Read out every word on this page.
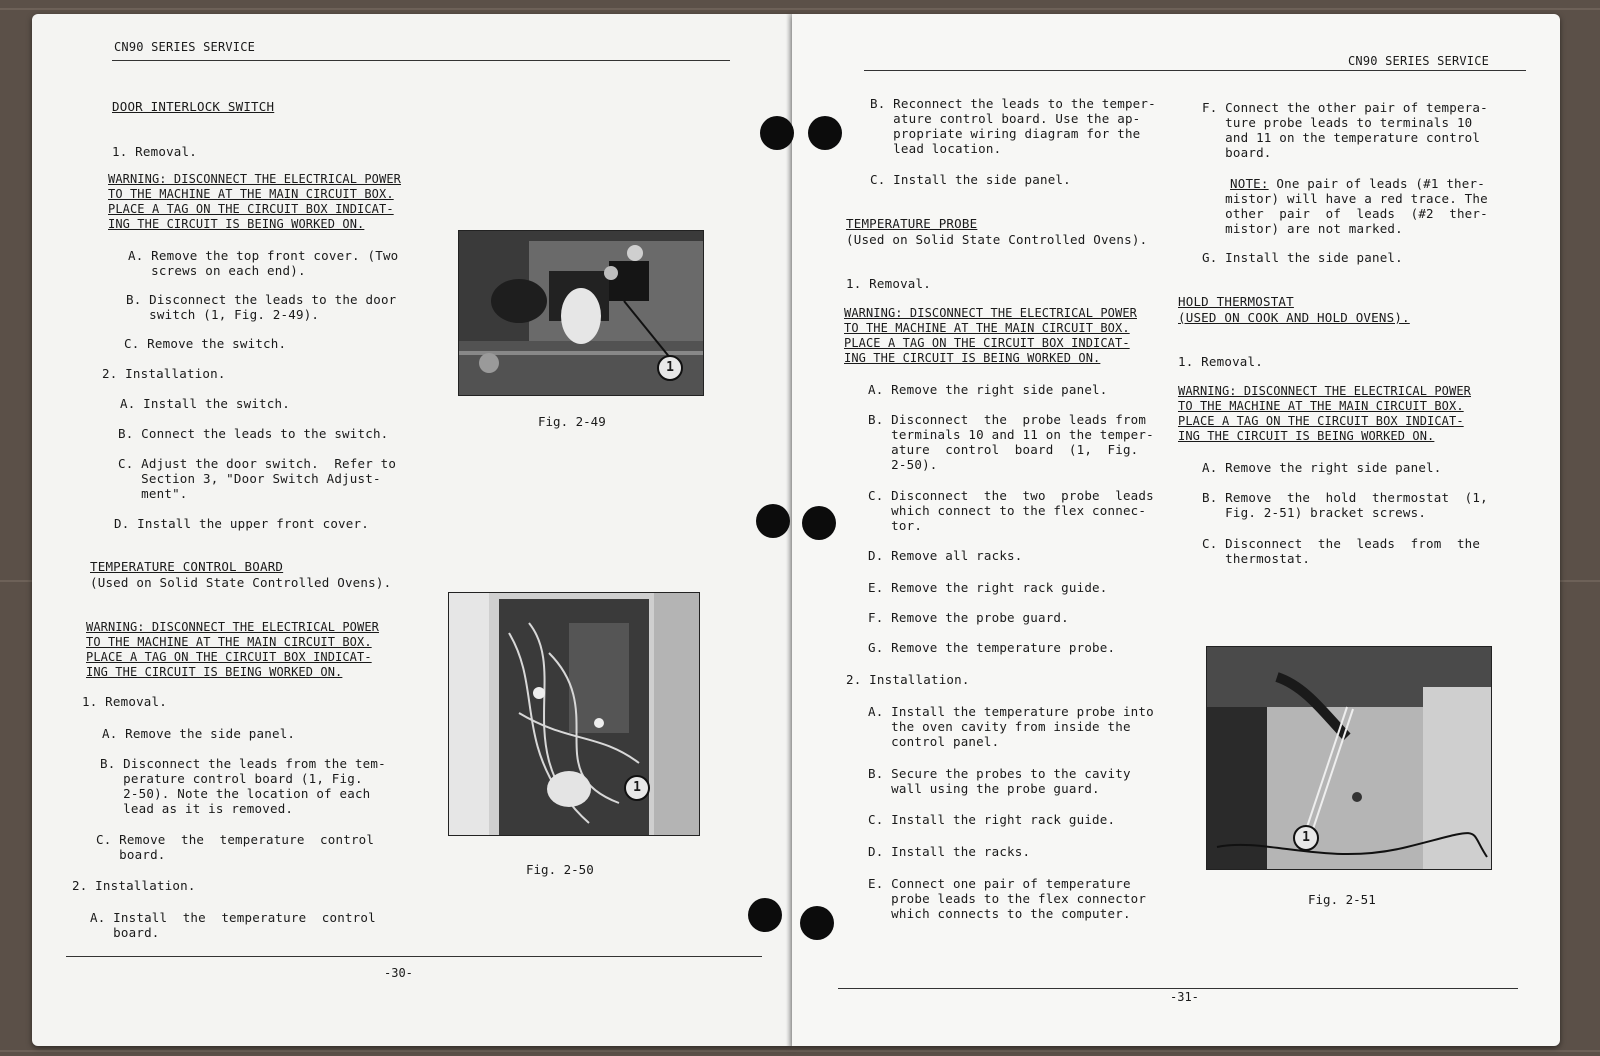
CN90 SERIES SERVICE
DOOR INTERLOCK SWITCH
1. Removal.
WARNING: DISCONNECT THE ELECTRICAL POWER
TO THE MACHINE AT THE MAIN CIRCUIT BOX.
PLACE A TAG ON THE CIRCUIT BOX INDICAT-
ING THE CIRCUIT IS BEING WORKED ON.
A. Remove the top front cover. (Two
screws on each end).
B. Disconnect the leads to the door
switch (1, Fig. 2-49).
C. Remove the switch.
2. Installation.
A. Install the switch.
B. Connect the leads to the switch.
C. Adjust the door switch.  Refer to
Section 3, "Door Switch Adjust-
ment".
D. Install the upper front cover.
TEMPERATURE CONTROL BOARD
(Used on Solid State Controlled Ovens).
WARNING: DISCONNECT THE ELECTRICAL POWER
TO THE MACHINE AT THE MAIN CIRCUIT BOX.
PLACE A TAG ON THE CIRCUIT BOX INDICAT-
ING THE CIRCUIT IS BEING WORKED ON.
1. Removal.
A. Remove the side panel.
B. Disconnect the leads from the tem-
perature control board (1, Fig.
2-50). Note the location of each
lead as it is removed.
C. Remove  the  temperature  control
board.
2. Installation.
A. Install  the  temperature  control
board.
1
Fig. 2-49
1
Fig. 2-50
-30-
CN90 SERIES SERVICE
B. Reconnect the leads to the temper-
ature control board. Use the ap-
propriate wiring diagram for the
lead location.
C. Install the side panel.
TEMPERATURE PROBE
(Used on Solid State Controlled Ovens).
1. Removal.
WARNING: DISCONNECT THE ELECTRICAL POWER
TO THE MACHINE AT THE MAIN CIRCUIT BOX.
PLACE A TAG ON THE CIRCUIT BOX INDICAT-
ING THE CIRCUIT IS BEING WORKED ON.
A. Remove the right side panel.
B. Disconnect  the  probe leads from
terminals 10 and 11 on the temper-
ature  control  board  (1,  Fig.
2-50).
C. Disconnect  the  two  probe  leads
which connect to the flex connec-
tor.
D. Remove all racks.
E. Remove the right rack guide.
F. Remove the probe guard.
G. Remove the temperature probe.
2. Installation.
A. Install the temperature probe into
the oven cavity from inside the
control panel.
B. Secure the probes to the cavity
wall using the probe guard.
C. Install the right rack guide.
D. Install the racks.
E. Connect one pair of temperature
probe leads to the flex connector
which connects to the computer.
F. Connect the other pair of tempera-
ture probe leads to terminals 10
and 11 on the temperature control
board.
NOTE: One pair of leads (#1 ther-
mistor) will have a red trace. The
other  pair  of  leads  (#2  ther-
mistor) are not marked.
G. Install the side panel.
HOLD THERMOSTAT
(USED ON COOK AND HOLD OVENS).
1. Removal.
WARNING: DISCONNECT THE ELECTRICAL POWER
TO THE MACHINE AT THE MAIN CIRCUIT BOX.
PLACE A TAG ON THE CIRCUIT BOX INDICAT-
ING THE CIRCUIT IS BEING WORKED ON.
A. Remove the right side panel.
B. Remove  the  hold  thermostat  (1,
Fig. 2-51) bracket screws.
C. Disconnect  the  leads  from  the
thermostat.
1
Fig. 2-51
-31-
